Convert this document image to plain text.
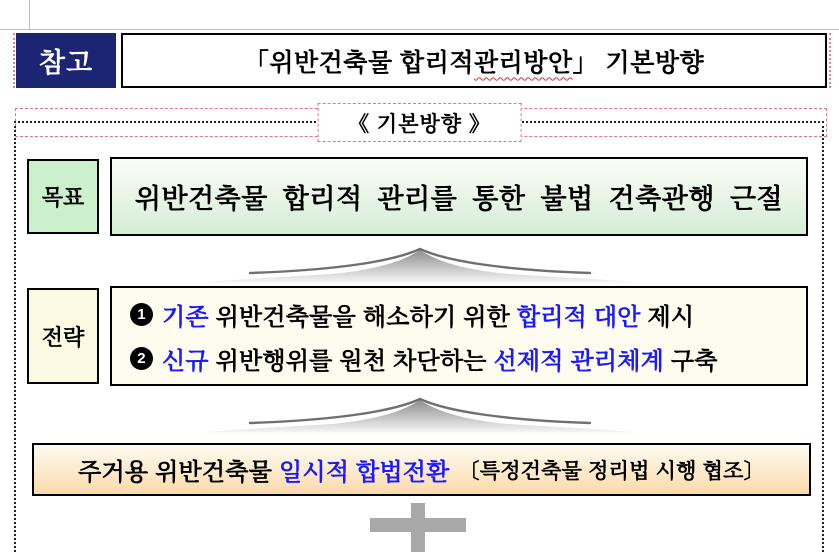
참고	「위반건축물 합리적 관리방안 」 기본방향
《 기본방향 》
목표	위반건축물 합리적 관리를 통한 불법 건축관행 근절
전략
1 기존 위반건축물을 해소하기 위한 합리적 대안 제시
2 신규 위반행위를 원천 차단하는 선제적 관리체계 구축
주거용 위반건축물 일시적 합법전환 〔특정건축물 정리법 시행 협조〕
